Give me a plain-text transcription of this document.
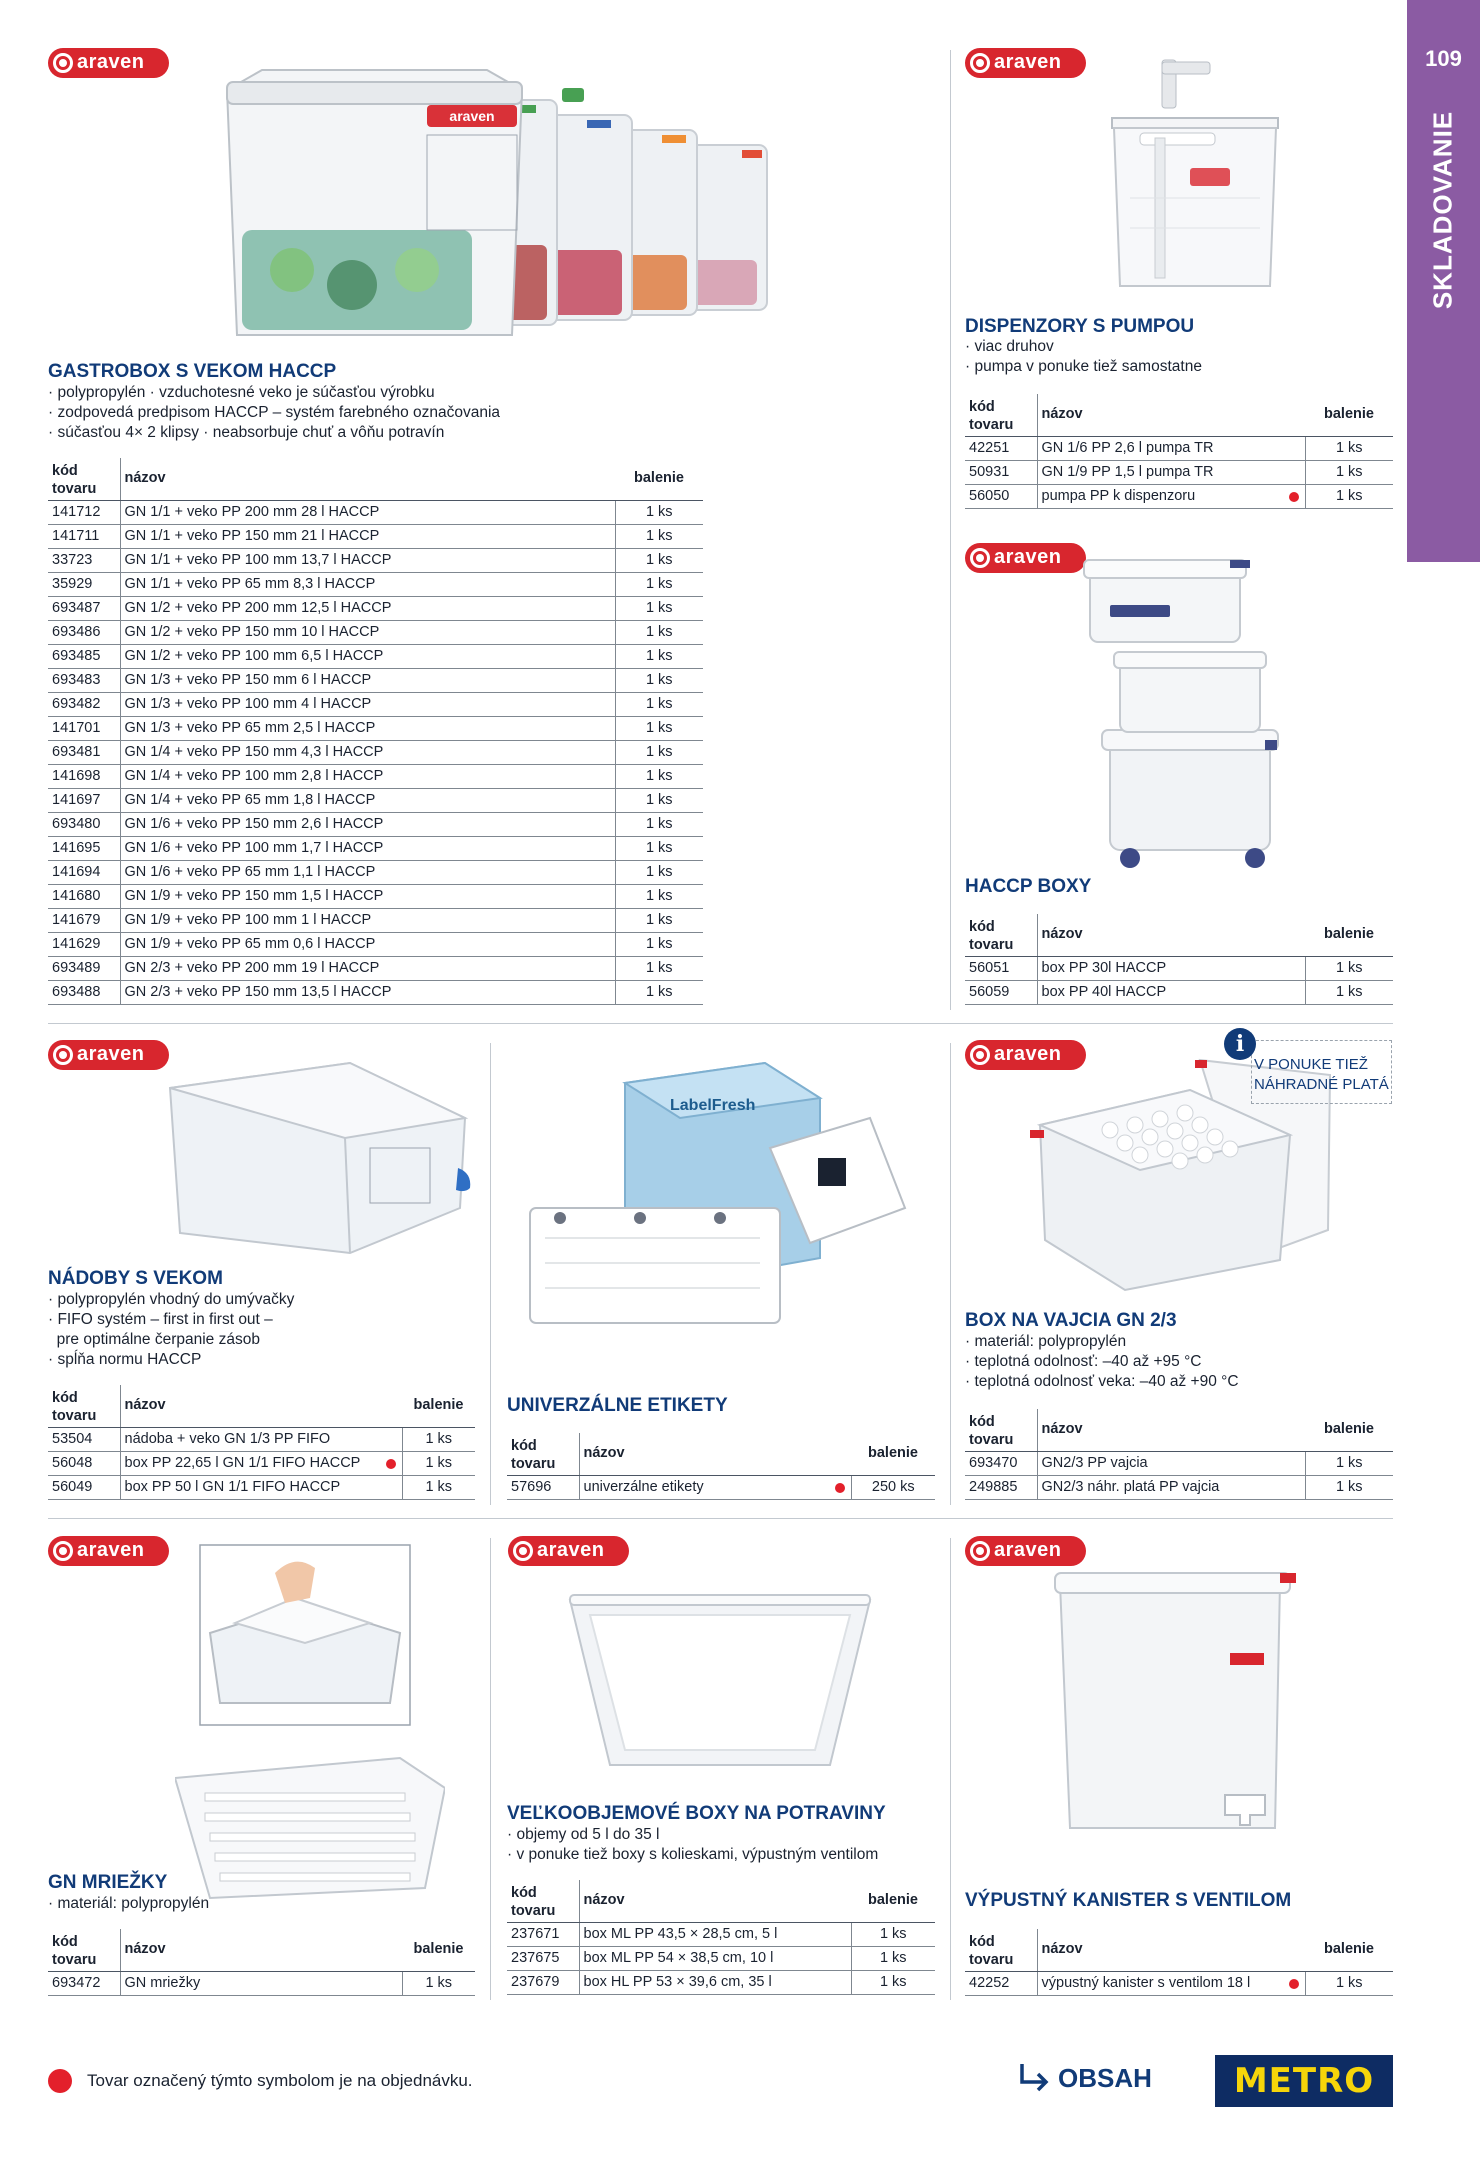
109
SKLADOVANIE
araven	araven
araven
araven	araven
araven	araven	araven
araven
LabelFresh
GASTROBOX S VEKOM HACCP
· polypropylén · vzduchotesné veko je súčasťou výrobku
· zodpovedá predpisom HACCP – systém farebného označovania
· súčasťou 4× 2 klipsy · neabsorbuje chuť a vôňu potravín
DISPENZORY S PUMPOU
· viac druhov
· pumpa v ponuke tiež samostatne
HACCP BOXY
NÁDOBY S VEKOM
· polypropylén vhodný do umývačky
· FIFO systém – first in first out –
pre optimálne čerpanie zásob
· spĺňa normu HACCP
UNIVERZÁLNE ETIKETY
BOX NA VAJCIA GN 2/3
· materiál: polypropylén
· teplotná odolnosť: –40 až +95 °C
· teplotná odolnosť veka: –40 až +90 °C
GN MRIEŽKY
· materiál: polypropylén
VEĽKOOBJEMOVÉ BOXY NA POTRAVINY
· objemy od 5 l do 35 l
· v ponuke tiež boxy s kolieskami, výpustným ventilom
VÝPUSTNÝ KANISTER S VENTILOM
i
V PONUKE TIEŽ
NÁHRADNÉ PLATÁ
kód
tovaru	názov	balenie
141712	GN 1/1 + veko PP 200 mm 28 l HACCP	1 ks
141711	GN 1/1 + veko PP 150 mm 21 l HACCP	1 ks
33723	GN 1/1 + veko PP 100 mm 13,7 l HACCP	1 ks
35929	GN 1/1 + veko PP 65 mm 8,3 l HACCP	1 ks
693487	GN 1/2 + veko PP 200 mm 12,5 l HACCP	1 ks
693486	GN 1/2 + veko PP 150 mm 10 l HACCP	1 ks
693485	GN 1/2 + veko PP 100 mm 6,5 l HACCP	1 ks
693483	GN 1/3 + veko PP 150 mm 6 l HACCP	1 ks
693482	GN 1/3 + veko PP 100 mm 4 l HACCP	1 ks
141701	GN 1/3 + veko PP 65 mm 2,5 l HACCP	1 ks
693481	GN 1/4 + veko PP 150 mm 4,3 l HACCP	1 ks
141698	GN 1/4 + veko PP 100 mm 2,8 l HACCP	1 ks
141697	GN 1/4 + veko PP 65 mm 1,8 l HACCP	1 ks
693480	GN 1/6 + veko PP 150 mm 2,6 l HACCP	1 ks
141695	GN 1/6 + veko PP 100 mm 1,7 l HACCP	1 ks
141694	GN 1/6 + veko PP 65 mm 1,1 l HACCP	1 ks
141680	GN 1/9 + veko PP 150 mm 1,5 l HACCP	1 ks
141679	GN 1/9 + veko PP 100 mm 1 l HACCP	1 ks
141629	GN 1/9 + veko PP 65 mm 0,6 l HACCP	1 ks
693489	GN 2/3 + veko PP 200 mm 19 l HACCP	1 ks
693488	GN 2/3 + veko PP 150 mm 13,5 l HACCP	1 ks
kód
tovaru	názov	balenie
42251	GN 1/6 PP 2,6 l pumpa TR	1 ks
50931	GN 1/9 PP 1,5 l pumpa TR	1 ks
56050	pumpa PP k dispenzoru	1 ks
kód
tovaru	názov	balenie
56051	box PP 30l HACCP	1 ks
56059	box PP 40l HACCP	1 ks
kód
tovaru	názov	balenie
53504	nádoba + veko GN 1/3 PP FIFO	1 ks
56048	box PP 22,65 l GN 1/1 FIFO HACCP	1 ks
56049	box PP 50 l GN 1/1 FIFO HACCP	1 ks
kód
tovaru	názov	balenie
57696	univerzálne etikety	250 ks
kód
tovaru	názov	balenie
693470	GN2/3 PP vajcia	1 ks
249885	GN2/3 náhr. platá PP vajcia	1 ks
kód
tovaru	názov	balenie
693472	GN mriežky	1 ks
kód
tovaru	názov	balenie
237671	box ML PP 43,5 × 28,5 cm, 5 l	1 ks
237675	box ML PP 54 × 38,5 cm, 10 l	1 ks
237679	box HL PP 53 × 39,6 cm, 35 l	1 ks
kód
tovaru	názov	balenie
42252	výpustný kanister s ventilom 18 l	1 ks
Tovar označený týmto symbolom je na objednávku.	OBSAH METRO
